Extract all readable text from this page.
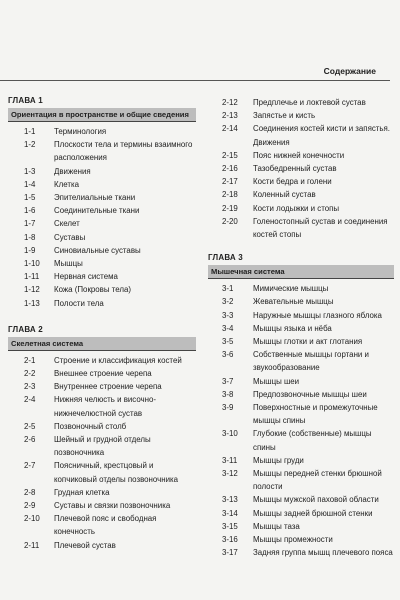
Содержание
ГЛАВА 1
Ориентация в пространстве и общие сведения
1-1	Терминология
1-2	Плоскости тела и термины взаимного расположения
1-3	Движения
1-4	Клетка
1-5	Эпителиальные ткани
1-6	Соединительные ткани
1-7	Скелет
1-8	Суставы
1-9	Синовиальные суставы
1-10	Мышцы
1-11	Нервная система
1-12	Кожа (Покровы тела)
1-13	Полости тела
ГЛАВА 2
Скелетная система
2-1	Строение и классификация костей
2-2	Внешнее строение черепа
2-3	Внутреннее строение черепа
2-4	Нижняя челюсть и височно-нижнечелюстной сустав
2-5	Позвоночный столб
2-6	Шейный и грудной отделы позвоночника
2-7	Поясничный, крестцовый и копчиковый отделы позвоночника
2-8	Грудная клетка
2-9	Суставы и связки позвоночника
2-10	Плечевой пояс и свободная конечность
2-11	Плечевой сустав
2-12	Предплечье и локтевой сустав
2-13	Запястье и кисть
2-14	Соединения костей кисти и запястья. Движения
2-15	Пояс нижней конечности
2-16	Тазобедренный сустав
2-17	Кости бедра и голени
2-18	Коленный сустав
2-19	Кости лодыжки и стопы
2-20	Голеностопный сустав и соединения костей стопы
ГЛАВА 3
Мышечная система
3-1	Мимические мышцы
3-2	Жевательные мышцы
3-3	Наружные мышцы глазного яблока
3-4	Мышцы языка и нёба
3-5	Мышцы глотки и акт глотания
3-6	Собственные мышцы гортани и звукообразование
3-7	Мышцы шеи
3-8	Предпозвоночные мышцы шеи
3-9	Поверхностные и промежуточные мышцы спины
3-10	Глубокие (собственные) мышцы спины
3-11	Мышцы груди
3-12	Мышцы передней стенки брюшной полости
3-13	Мышцы мужской паховой области
3-14	Мышцы задней брюшной стенки
3-15	Мышцы таза
3-16	Мышцы промежности
3-17	Задняя группа мышц плечевого пояса
